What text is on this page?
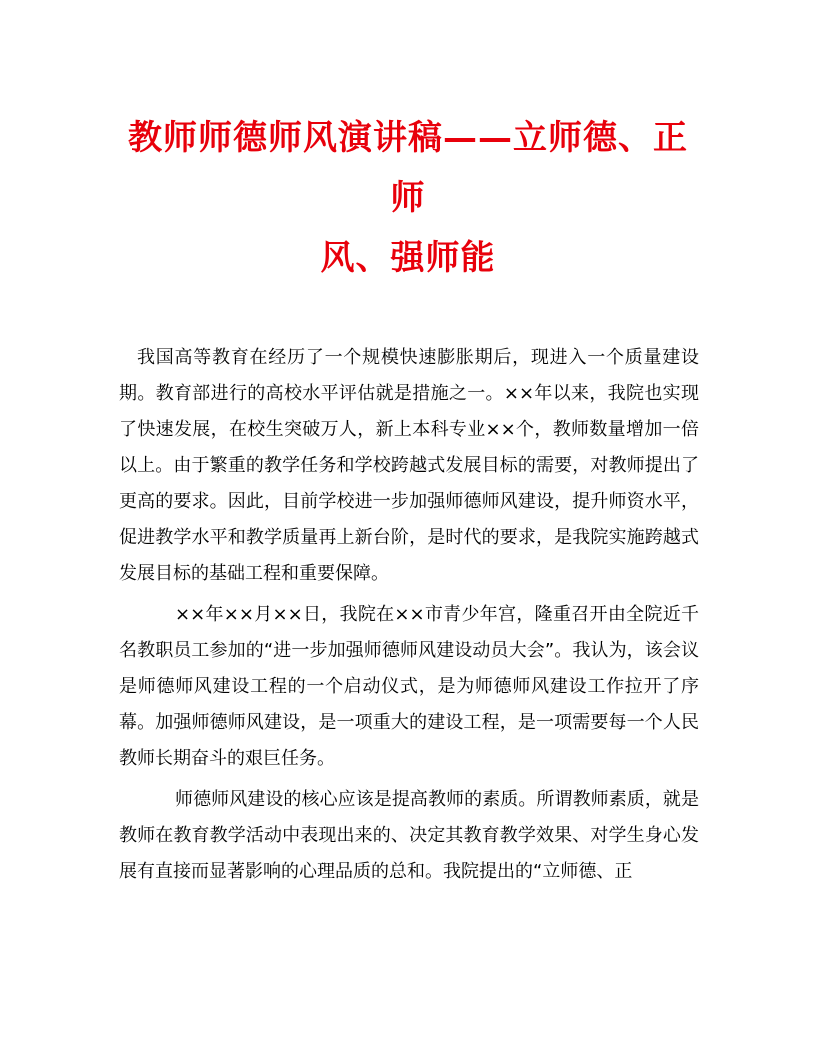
教师师德师风演讲稿——立师德、正师
风、强师能

我国高等教育在经历了一个规模快速膨胀期后，现进入一个质量建设期。教育部进行的高校水平评估就是措施之一。××年以来，我院也实现了快速发展，在校生突破万人，新上本科专业××个，教师数量增加一倍以上。由于繁重的教学任务和学校跨越式发展目标的需要，对教师提出了更高的要求。因此，目前学校进一步加强师德师风建设，提升师资水平，促进教学水平和教学质量再上新台阶，是时代的要求，是我院实施跨越式发展目标的基础工程和重要保障。

××年××月××日，我院在××市青少年宫，隆重召开由全院近千名教职员工参加的“进一步加强师德师风建设动员大会”。我认为，该会议是师德师风建设工程的一个启动仪式，是为师德师风建设工作拉开了序幕。加强师德师风建设，是一项重大的建设工程，是一项需要每一个人民教师长期奋斗的艰巨任务。

师德师风建设的核心应该是提高教师的素质。所谓教师素质，就是教师在教育教学活动中表现出来的、决定其教育教学效果、对学生身心发展有直接而显著影响的心理品质的总和。我院提出的“立师德、正
